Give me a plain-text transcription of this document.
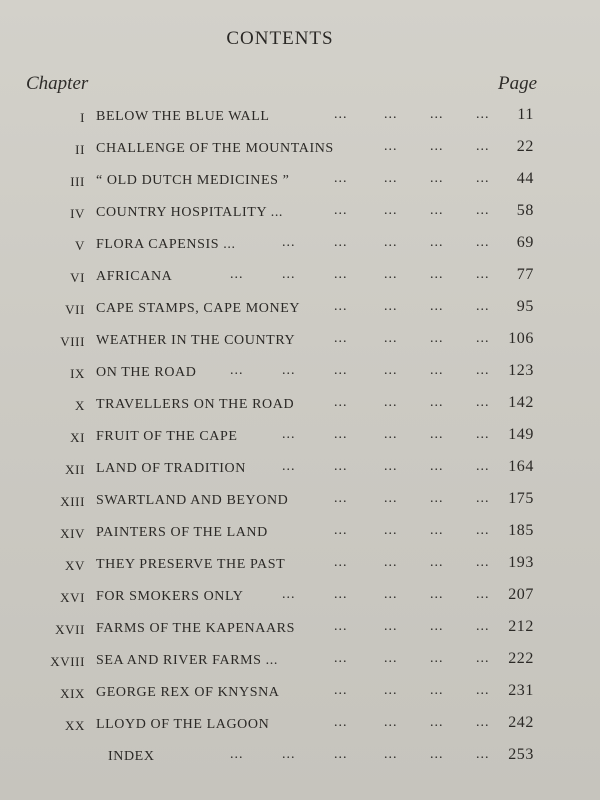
CONTENTS
Chapter	Page
I BELOW THE BLUE WALL	...	... ... ... 11
II CHALLENGE OF THE MOUNTAINS	... ... ... 22
III “ OLD DUTCH MEDICINES ”	...	... ... ... 44
IV COUNTRY HOSPITALITY ...	...	... ... ... 58
V FLORA CAPENSIS ...	...	...	... ... ... 69
VI AFRICANA	...	...	...	... ... ... 77
VII CAPE STAMPS, CAPE MONEY ...	... ... ... 95
VIII WEATHER IN THE COUNTRY	...	... ... ... 106
IX ON THE ROAD ...	...	...	... ... ... 123
X TRAVELLERS ON THE ROAD	...	... ... ... 142
XI FRUIT OF THE CAPE	...	...	... ... ... 149
XII LAND OF TRADITION	...	...	... ... ... 164
XIII SWARTLAND AND BEYOND	...	... ... ... 175
XIV PAINTERS OF THE LAND	...	... ... ... 185
XV THEY PRESERVE THE PAST	...	... ... ... 193
XVI FOR SMOKERS ONLY	...	...	... ... ... 207
XVII FARMS OF THE KAPENAARS	...	... ... ... 212
XVIII SEA AND RIVER FARMS ...	...	... ... ... 222
XIX GEORGE REX OF KNYSNA	...	... ... ... 231
XX LLOYD OF THE LAGOON	...	... ... ... 242
INDEX	...	...	...	... ... ... 253
